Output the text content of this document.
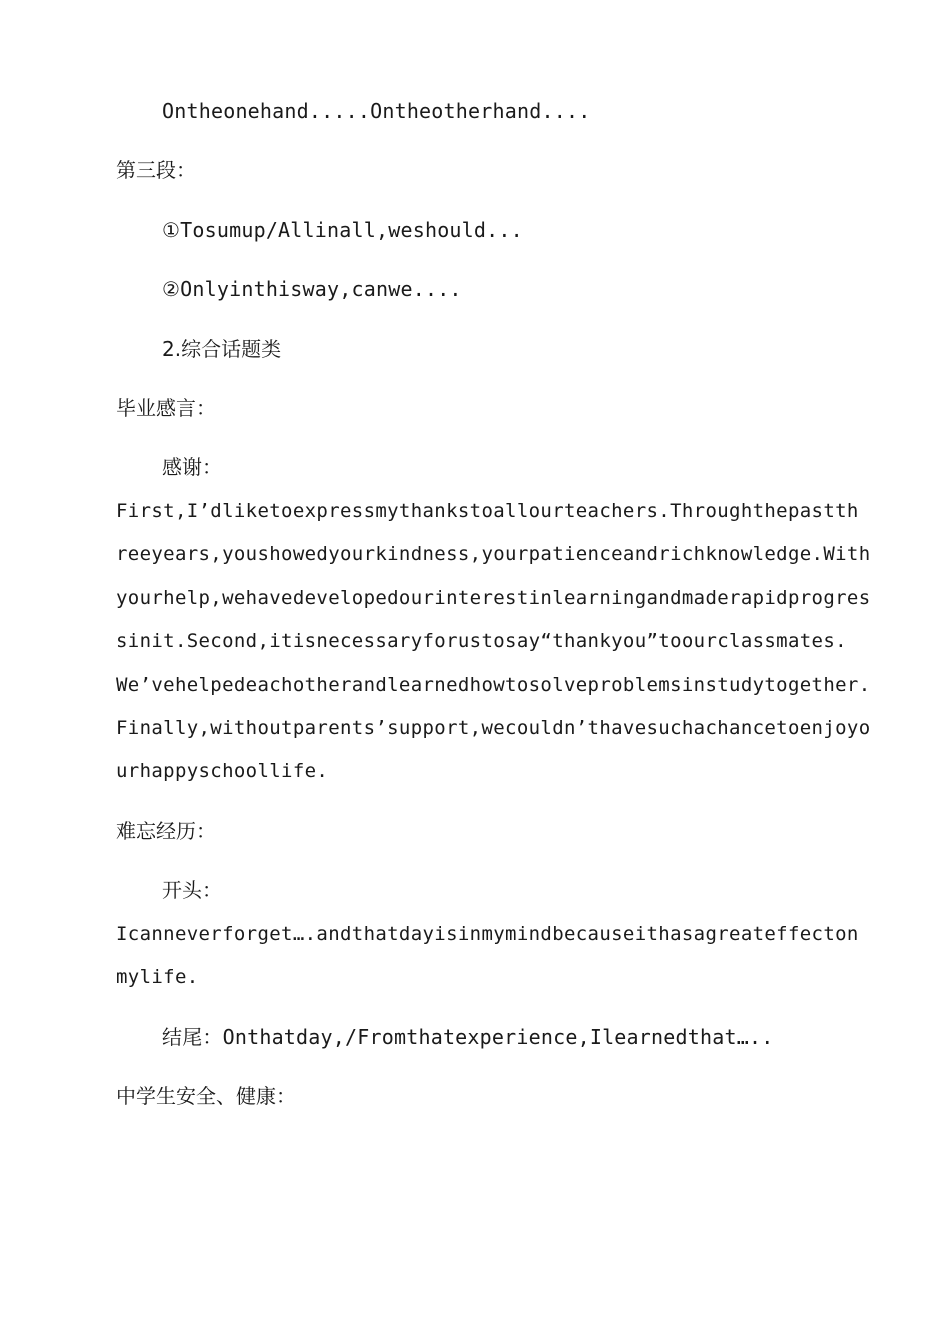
Ontheonehand.....Ontheotherhand....
第三段：
①Tosumup/Allinall,weshould...
②Onlyinthisway,canwe....
2.综合话题类
毕业感言：
感谢：
First,I’dliketoexpressmythankstoallourteachers.Throughthepastth
reeyears,youshowedyourkindness,yourpatienceandrichknowledge.With
yourhelp,wehavedevelopedourinterestinlearningandmaderapidprogres
sinit.Second,itisnecessaryforustosay“thankyou”toourclassmates.
We’vehelpedeachotherandlearnedhowtosolveproblemsinstudytogether.
Finally,withoutparents’support,wecouldn’thavesuchachancetoenjoyo
urhappyschoollife.
难忘经历：
开头：
Icanneverforget….andthatdayisinmymindbecauseithasagreateffecton
mylife.
结尾：Onthatday,/Fromthatexperience,Ilearnedthat…..
中学生安全、健康：
